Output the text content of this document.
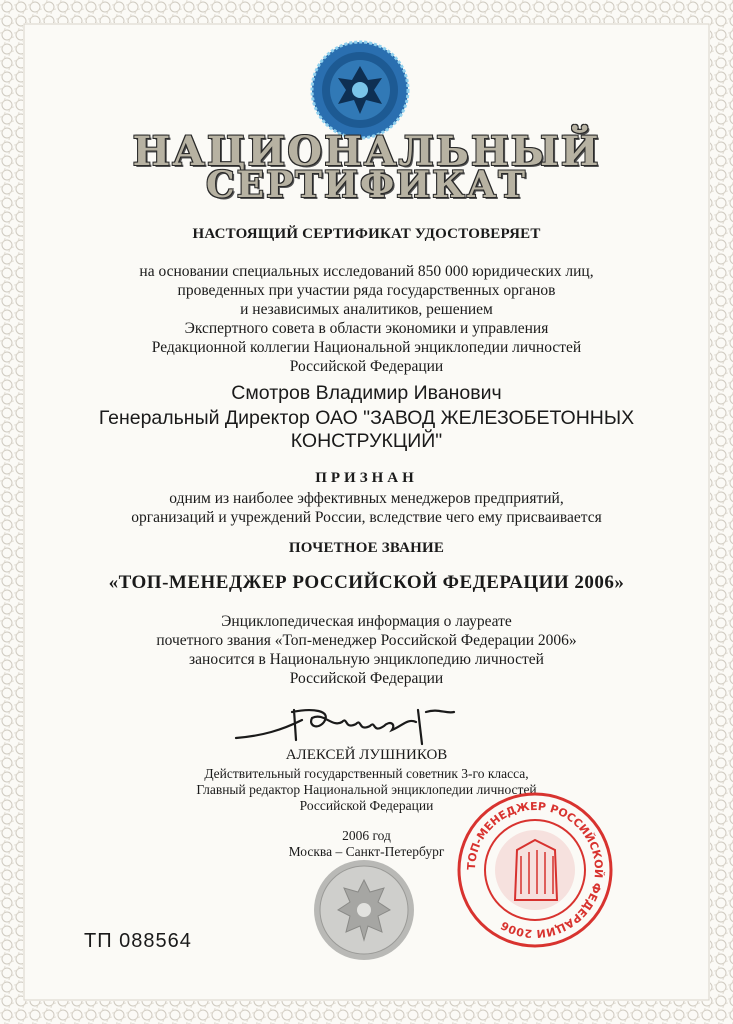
НАЦИОНАЛЬНЫЙ
СЕРТИФИКАТ
НАСТОЯЩИЙ СЕРТИФИКАТ УДОСТОВЕРЯЕТ
на основании специальных исследований 850 000 юридических лиц,
проведенных при участии ряда государственных органов
и независимых аналитиков, решением
Экспертного совета в области экономики и управления
Редакционной коллегии Национальной энциклопедии личностей
Российской Федерации
Смотров Владимир Иванович
Генеральный Директор ОАО "ЗАВОД ЖЕЛЕЗОБЕТОННЫХ
КОНСТРУКЦИЙ"
ПРИЗНАН
одним из наиболее эффективных менеджеров предприятий,
организаций и учреждений России, вследствие чего ему присваивается
ПОЧЕТНОЕ ЗВАНИЕ
«ТОП-МЕНЕДЖЕР РОССИЙСКОЙ ФЕДЕРАЦИИ 2006»
Энциклопедическая информация о лауреате
почетного звания «Топ-менеджер Российской Федерации 2006»
заносится в Национальную энциклопедию личностей
Российской Федерации
АЛЕКСЕЙ ЛУШНИКОВ
Действительный государственный советник 3-го класса,
Главный редактор Национальной энциклопедии личностей
Российской Федерации
2006 год
Москва – Санкт-Петербург
ТОП-МЕНЕДЖЕР РОССИЙСКОЙ ФЕДЕРАЦИИ 2006
ТП 088564
